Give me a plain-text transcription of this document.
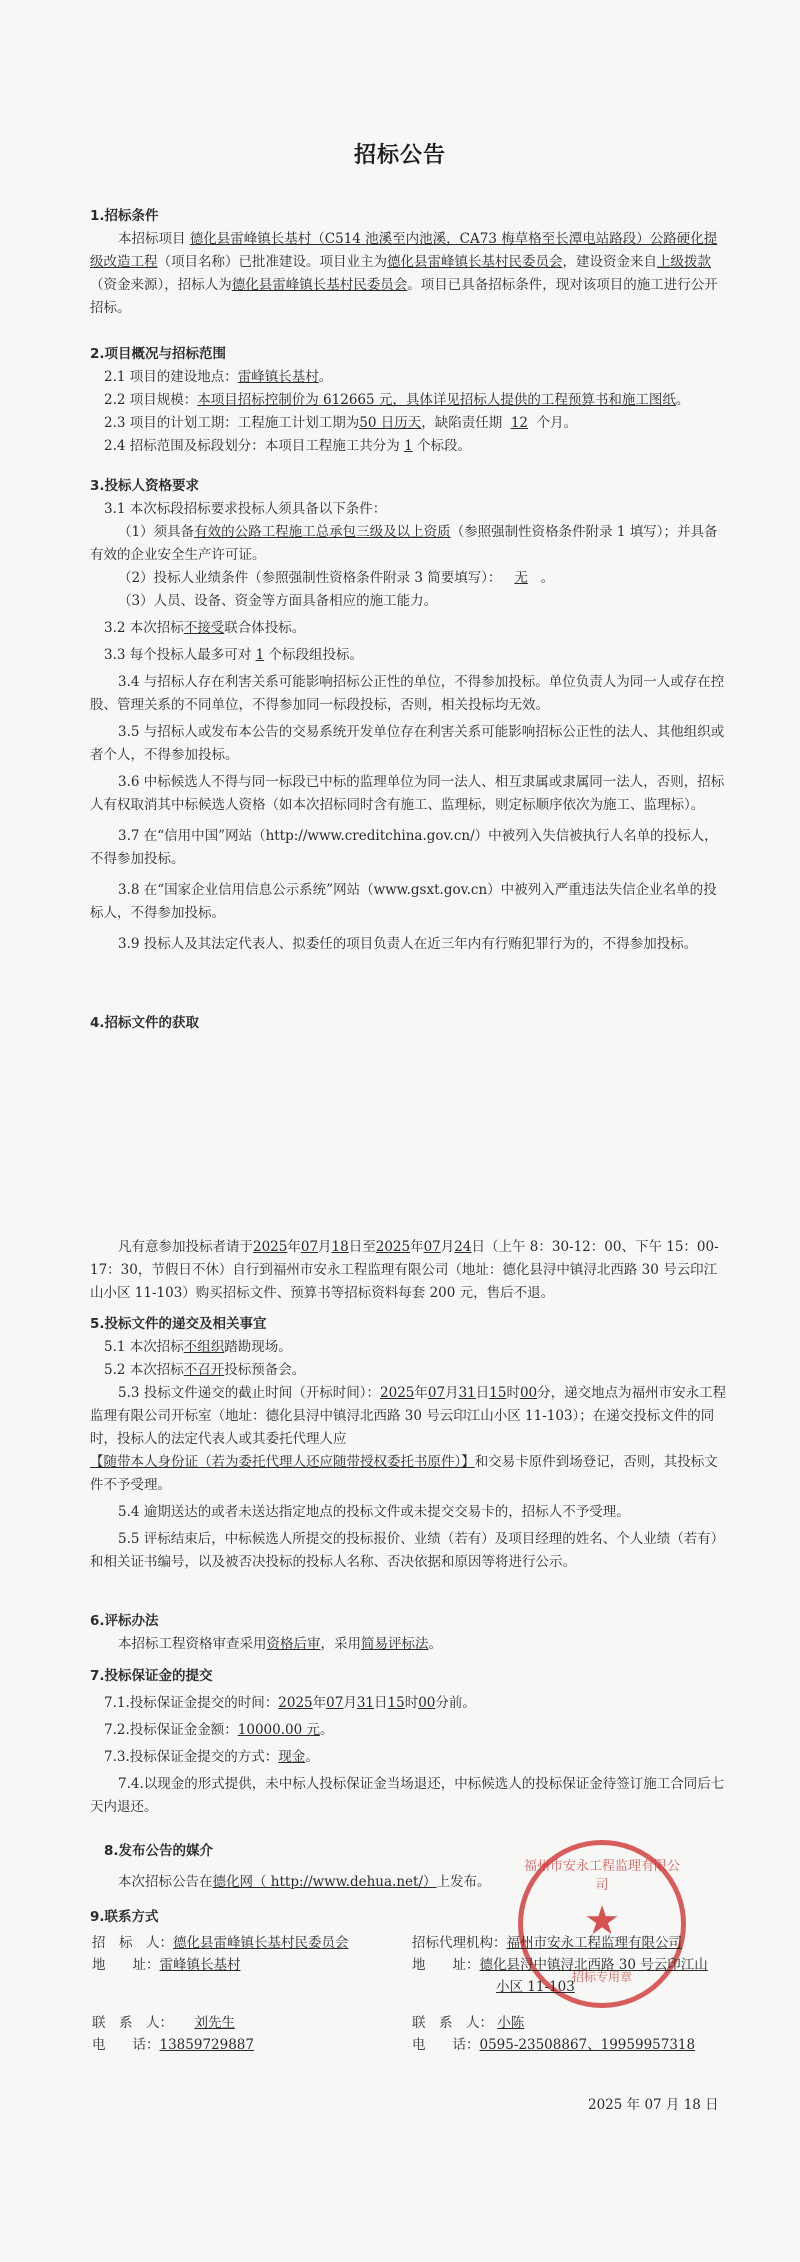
招标公告
1.招标条件
本招标项目 德化县雷峰镇长基村（C514 池溪至内池溪，CA73 梅草格至长潭电站路段）公路硬化提级改造工程（项目名称）已批准建设。项目业主为德化县雷峰镇长基村民委员会，建设资金来自上级拨款（资金来源），招标人为德化县雷峰镇长基村民委员会。项目已具备招标条件，现对该项目的施工进行公开招标。
2.项目概况与招标范围
2.1 项目的建设地点：雷峰镇长基村。
2.2 项目规模：本项目招标控制价为 612665 元，具体详见招标人提供的工程预算书和施工图纸。
2.3 项目的计划工期：工程施工计划工期为50 日历天，缺陷责任期 12 个月。
2.4 招标范围及标段划分：本项目工程施工共分为 1 个标段。
3.投标人资格要求
3.1 本次标段招标要求投标人须具备以下条件：
（1）须具备有效的公路工程施工总承包三级及以上资质（参照强制性资格条件附录 1 填写）；并具备有效的企业安全生产许可证。
（2）投标人业绩条件（参照强制性资格条件附录 3 简要填写）： 无 。
（3）人员、设备、资金等方面具备相应的施工能力。
3.2 本次招标不接受联合体投标。
3.3 每个投标人最多可对 1 个标段组投标。
3.4 与招标人存在利害关系可能影响招标公正性的单位，不得参加投标。单位负责人为同一人或存在控股、管理关系的不同单位，不得参加同一标段投标，否则，相关投标均无效。
3.5 与招标人或发布本公告的交易系统开发单位存在利害关系可能影响招标公正性的法人、其他组织或者个人，不得参加投标。
3.6 中标候选人不得与同一标段已中标的监理单位为同一法人、相互隶属或隶属同一法人，否则，招标人有权取消其中标候选人资格（如本次招标同时含有施工、监理标，则定标顺序依次为施工、监理标）。
3.7 在“信用中国”网站（http://www.creditchina.gov.cn/）中被列入失信被执行人名单的投标人，不得参加投标。
3.8 在“国家企业信用信息公示系统”网站（www.gsxt.gov.cn）中被列入严重违法失信企业名单的投标人，不得参加投标。
3.9 投标人及其法定代表人、拟委任的项目负责人在近三年内有行贿犯罪行为的，不得参加投标。
4.招标文件的获取
凡有意参加投标者请于2025年07月18日至2025年07月24日（上午 8：30-12：00、下午 15：00-17：30，节假日不休）自行到福州市安永工程监理有限公司（地址：德化县浔中镇浔北西路 30 号云印江山小区 11-103）购买招标文件、预算书等招标资料每套 200 元，售后不退。
5.投标文件的递交及相关事宜
5.1 本次招标不组织踏勘现场。
5.2 本次招标不召开投标预备会。
5.3 投标文件递交的截止时间（开标时间）：2025年07月31日15时00分，递交地点为福州市安永工程监理有限公司开标室（地址：德化县浔中镇浔北西路 30 号云印江山小区 11-103）；在递交投标文件的同时，投标人的法定代表人或其委托代理人应【随带本人身份证（若为委托代理人还应随带授权委托书原件）】和交易卡原件到场登记，否则，其投标文件不予受理。
5.4 逾期送达的或者未送达指定地点的投标文件或未提交交易卡的，招标人不予受理。
5.5 评标结束后，中标候选人所提交的投标报价、业绩（若有）及项目经理的姓名、个人业绩（若有）和相关证书编号，以及被否决投标的投标人名称、否决依据和原因等将进行公示。
6.评标办法
本招标工程资格审查采用资格后审，采用简易评标法。
7.投标保证金的提交
7.1.投标保证金提交的时间：2025年07月31日15时00分前。
7.2.投标保证金金额：10000.00 元。
7.3.投标保证金提交的方式：现金。
7.4.以现金的形式提供，未中标人投标保证金当场退还，中标候选人的投标保证金待签订施工合同后七天内退还。
8.发布公告的媒介
本次招标公告在德化网（ http://www.dehua.net/）上发布。
9.联系方式
福州市安永工程监理有限公司
★
招标专用章
招　标　人：德化县雷峰镇长基村民委员会
地　　址：雷峰镇长基村
联　系　人： 刘先生
电　　话：13859729887
招标代理机构：福州市安永工程监理有限公司
地　　址：德化县浔中镇浔北西路 30 号云印江山
小区 11-103
联　系　人： 小陈
电　　话：0595-23508867、19959957318
2025 年 07 月 18 日
